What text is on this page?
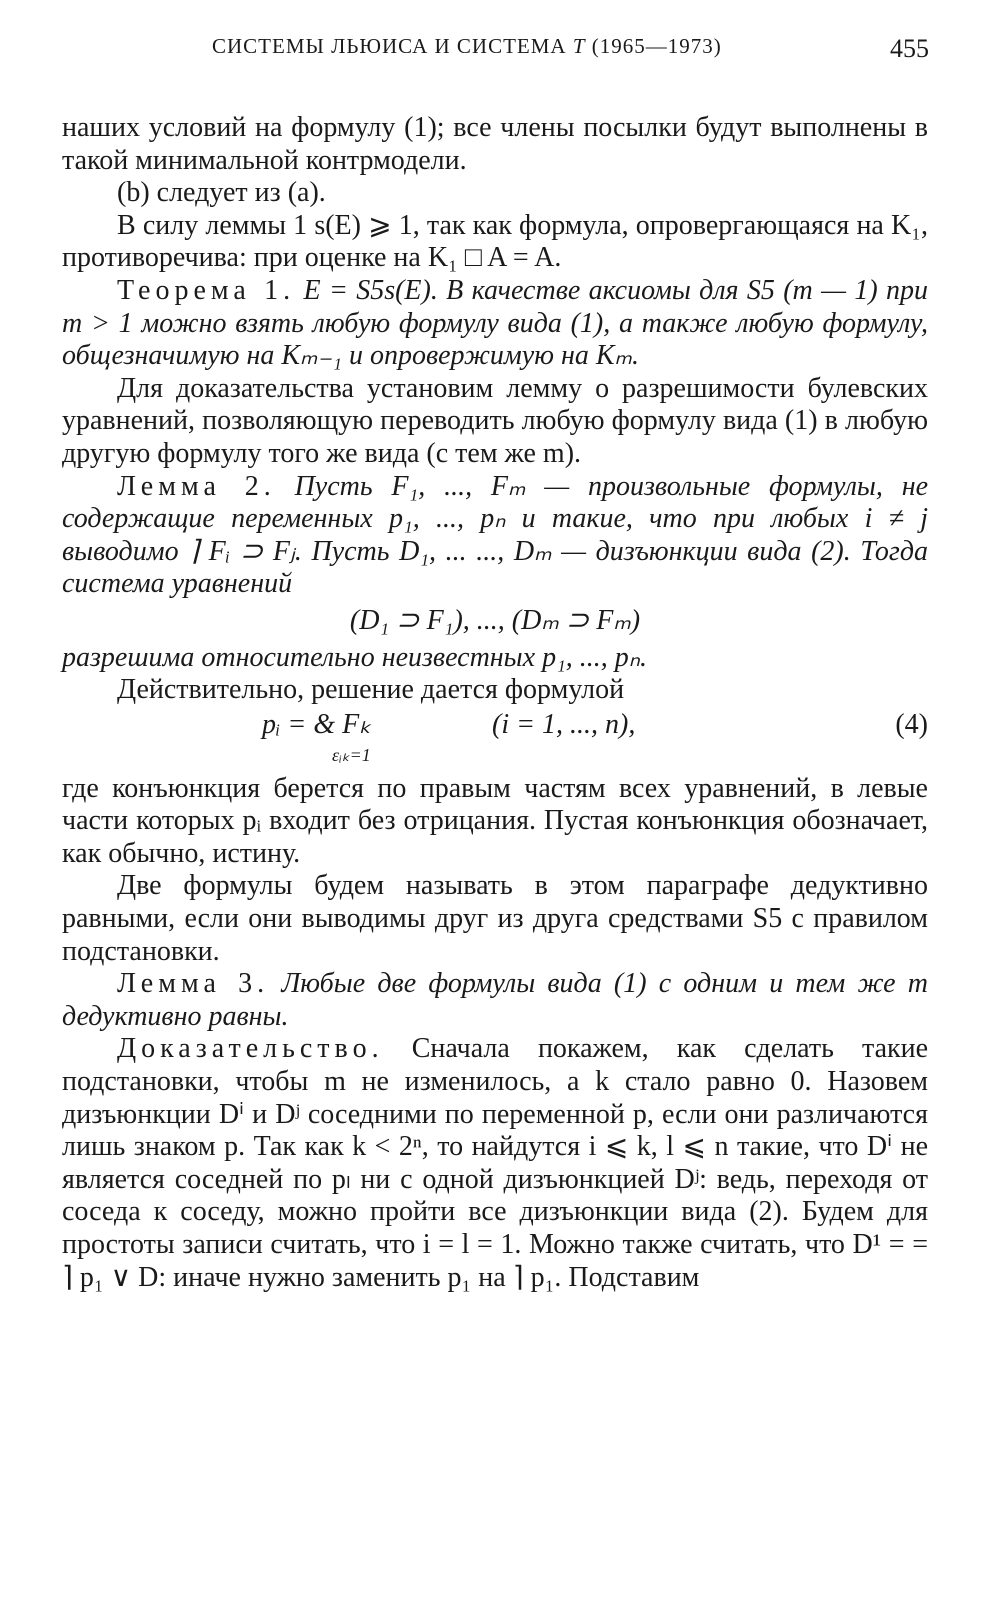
СИСТЕМЫ ЛЬЮИСА И СИСТЕМА T (1965—1973)	455

наших условий на формулу (1); все члены посылки будут выполнены в такой минимальной контрмодели.

(b) следует из (a).

В силу леммы 1 s(E) ⩾ 1, так как формула, опровергающаяся на K₁, противоречива: при оценке на K₁ □ A = A.

Теорема 1. E = S5s(E). В качестве аксиомы для S5 (m — 1) при m > 1 можно взять любую формулу вида (1), а также любую формулу, общезначимую на Kₘ₋₁ и опровержимую на Kₘ.

Для доказательства установим лемму о разрешимости булевских уравнений, позволяющую переводить любую формулу вида (1) в любую другую формулу того же вида (с тем же m).

Лемма 2. Пусть F₁, ..., Fₘ — произвольные формулы, не содержащие переменных p₁, ..., pₙ и такие, что при любых i ≠ j выводимо ⌉ Fᵢ ⊃ Fⱼ. Пусть D₁, ... ..., Dₘ — дизъюнкции вида (2). Тогда система уравнений

(D₁ ⊃ F₁), ..., (Dₘ ⊃ Fₘ)

разрешима относительно неизвестных p₁, ..., pₙ.

Действительно, решение дается формулой

pᵢ = & Fₖ
εᵢₖ=1
(i = 1, ..., n),	(4)

где конъюнкция берется по правым частям всех уравнений, в левые части которых pᵢ входит без отрицания. Пустая конъюнкция обозначает, как обычно, истину.

Две формулы будем называть в этом параграфе дедуктивно равными, если они выводимы друг из друга средствами S5 с правилом подстановки.

Лемма 3. Любые две формулы вида (1) с одним и тем же m дедуктивно равны.

Доказательство. Сначала покажем, как сделать такие подстановки, чтобы m не изменилось, а k стало равно 0. Назовем дизъюнкции Dⁱ и Dʲ соседними по переменной p, если они различаются лишь знаком p. Так как k < 2ⁿ, то найдутся i ⩽ k, l ⩽ n такие, что Dⁱ не является соседней по pₗ ни с одной дизъюнкцией Dʲ: ведь, переходя от соседа к соседу, можно пройти все дизъюнкции вида (2). Будем для простоты записи считать, что i = l = 1. Можно также считать, что D¹ = = ⌉ p₁ ∨ D: иначе нужно заменить p₁ на ⌉ p₁. Подставим
